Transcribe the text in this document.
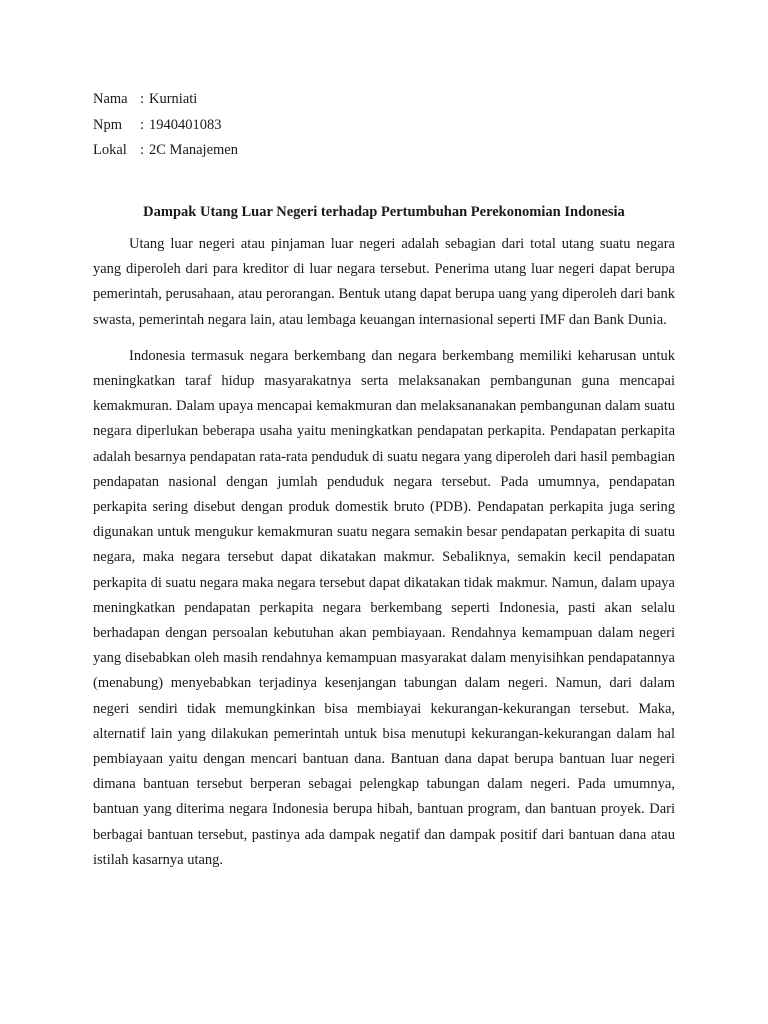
Nama : Kurniati
Npm	: 1940401083
Lokal : 2C Manajemen
Dampak Utang Luar Negeri terhadap Pertumbuhan Perekonomian Indonesia

Utang luar negeri atau pinjaman luar negeri adalah sebagian dari total utang suatu negara yang diperoleh dari para kreditor di luar negara tersebut. Penerima utang luar negeri dapat berupa pemerintah, perusahaan, atau perorangan. Bentuk utang dapat berupa uang yang diperoleh dari bank swasta, pemerintah negara lain, atau lembaga keuangan internasional seperti IMF dan Bank Dunia.

Indonesia termasuk negara berkembang dan negara berkembang memiliki keharusan untuk meningkatkan taraf hidup masyarakatnya serta melaksanakan pembangunan guna mencapai kemakmuran. Dalam upaya mencapai kemakmuran dan melaksananakan pembangunan dalam suatu negara diperlukan beberapa usaha yaitu meningkatkan pendapatan perkapita. Pendapatan perkapita adalah besarnya pendapatan rata-rata penduduk di suatu negara yang diperoleh dari hasil pembagian pendapatan nasional dengan jumlah penduduk negara tersebut. Pada umumnya, pendapatan perkapita sering disebut dengan produk domestik bruto (PDB). Pendapatan perkapita juga sering digunakan untuk mengukur kemakmuran suatu negara semakin besar pendapatan perkapita di suatu negara, maka negara tersebut dapat dikatakan makmur. Sebaliknya, semakin kecil pendapatan perkapita di suatu negara maka negara tersebut dapat dikatakan tidak makmur. Namun, dalam upaya meningkatkan pendapatan perkapita negara berkembang seperti Indonesia, pasti akan selalu berhadapan dengan persoalan kebutuhan akan pembiayaan. Rendahnya kemampuan dalam negeri yang disebabkan oleh masih rendahnya kemampuan masyarakat dalam menyisihkan pendapatannya (menabung) menyebabkan terjadinya kesenjangan tabungan dalam negeri. Namun, dari dalam negeri sendiri tidak memungkinkan bisa membiayai kekurangan-kekurangan tersebut. Maka, alternatif lain yang dilakukan pemerintah untuk bisa menutupi kekurangan-kekurangan dalam hal pembiayaan yaitu dengan mencari bantuan dana. Bantuan dana dapat berupa bantuan luar negeri dimana bantuan tersebut berperan sebagai pelengkap tabungan dalam negeri. Pada umumnya, bantuan yang diterima negara Indonesia berupa hibah, bantuan program, dan bantuan proyek. Dari berbagai bantuan tersebut, pastinya ada dampak negatif dan dampak positif dari bantuan dana atau istilah kasarnya utang.
